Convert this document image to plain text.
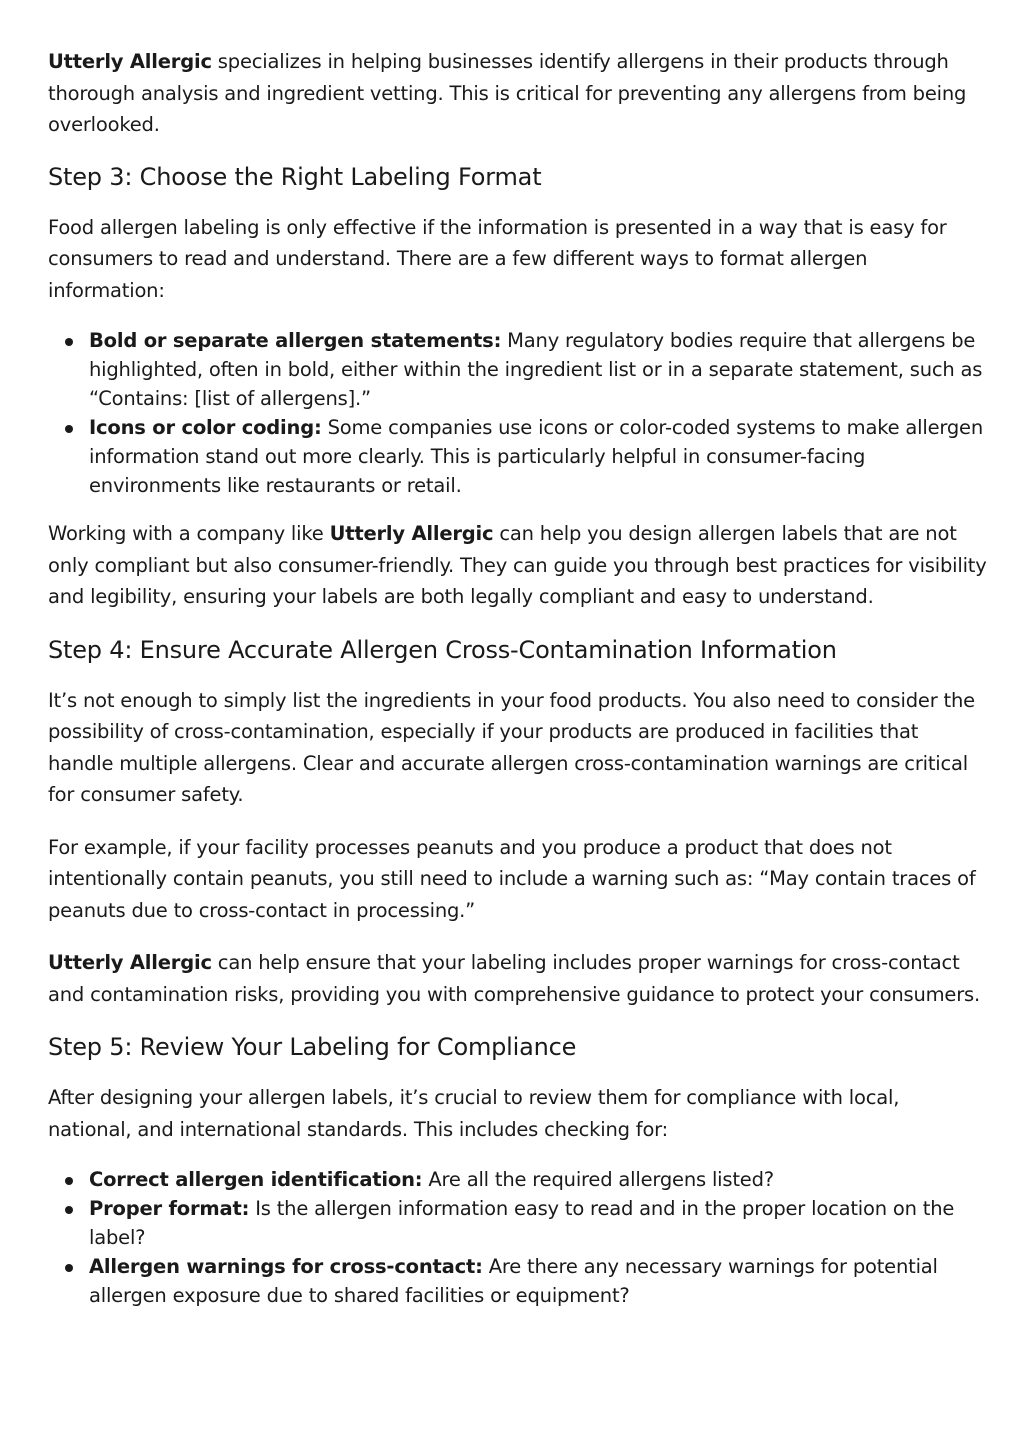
Utterly Allergic specializes in helping businesses identify allergens in their products through thorough analysis and ingredient vetting. This is critical for preventing any allergens from being overlooked.

Step 3: Choose the Right Labeling Format

Food allergen labeling is only effective if the information is presented in a way that is easy for consumers to read and understand. There are a few different ways to format allergen information:

Bold or separate allergen statements: Many regulatory bodies require that allergens be highlighted, often in bold, either within the ingredient list or in a separate statement, such as “Contains: [list of allergens].”
Icons or color coding: Some companies use icons or color-coded systems to make allergen information stand out more clearly. This is particularly helpful in consumer-facing environments like restaurants or retail.

Working with a company like Utterly Allergic can help you design allergen labels that are not only compliant but also consumer-friendly. They can guide you through best practices for visibility and legibility, ensuring your labels are both legally compliant and easy to understand.

Step 4: Ensure Accurate Allergen Cross-Contamination Information

It’s not enough to simply list the ingredients in your food products. You also need to consider the possibility of cross-contamination, especially if your products are produced in facilities that handle multiple allergens. Clear and accurate allergen cross-contamination warnings are critical for consumer safety.

For example, if your facility processes peanuts and you produce a product that does not intentionally contain peanuts, you still need to include a warning such as: “May contain traces of peanuts due to cross-contact in processing.”

Utterly Allergic can help ensure that your labeling includes proper warnings for cross-contact and contamination risks, providing you with comprehensive guidance to protect your consumers.

Step 5: Review Your Labeling for Compliance

After designing your allergen labels, it’s crucial to review them for compliance with local, national, and international standards. This includes checking for:

Correct allergen identification: Are all the required allergens listed?
Proper format: Is the allergen information easy to read and in the proper location on the label?
Allergen warnings for cross-contact: Are there any necessary warnings for potential allergen exposure due to shared facilities or equipment?
